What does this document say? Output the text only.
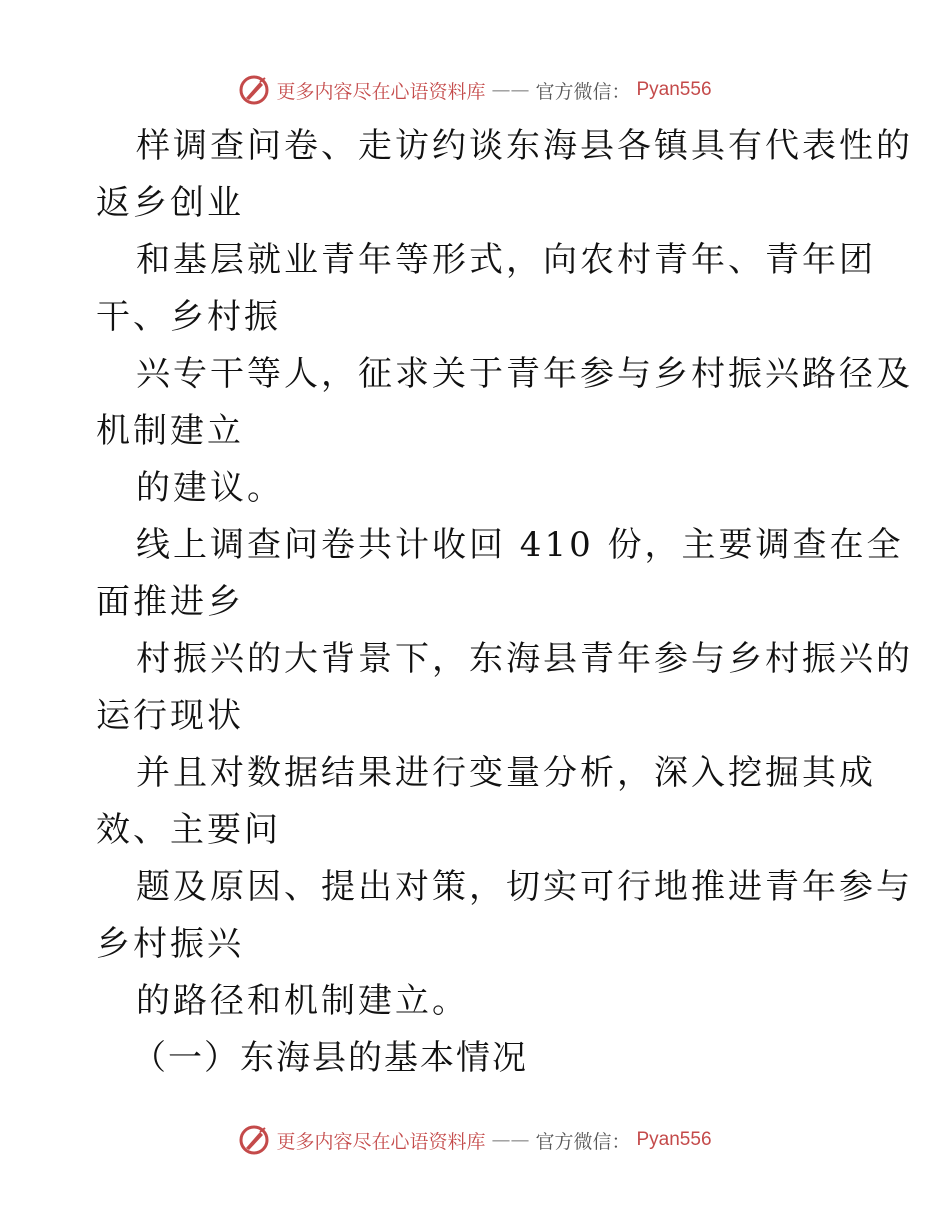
更多内容尽在心语资料库 —— 官方微信： Pyan556
样调查问卷、走访约谈东海县各镇具有代表性的
返乡创业
和基层就业青年等形式，向农村青年、青年团
干、乡村振
兴专干等人，征求关于青年参与乡村振兴路径及
机制建立
的建议。
线上调查问卷共计收回 410 份，主要调查在全
面推进乡
村振兴的大背景下，东海县青年参与乡村振兴的
运行现状
并且对数据结果进行变量分析，深入挖掘其成
效、主要问
题及原因、提出对策，切实可行地推进青年参与
乡村振兴
的路径和机制建立。
（一）东海县的基本情况
更多内容尽在心语资料库 —— 官方微信： Pyan556
